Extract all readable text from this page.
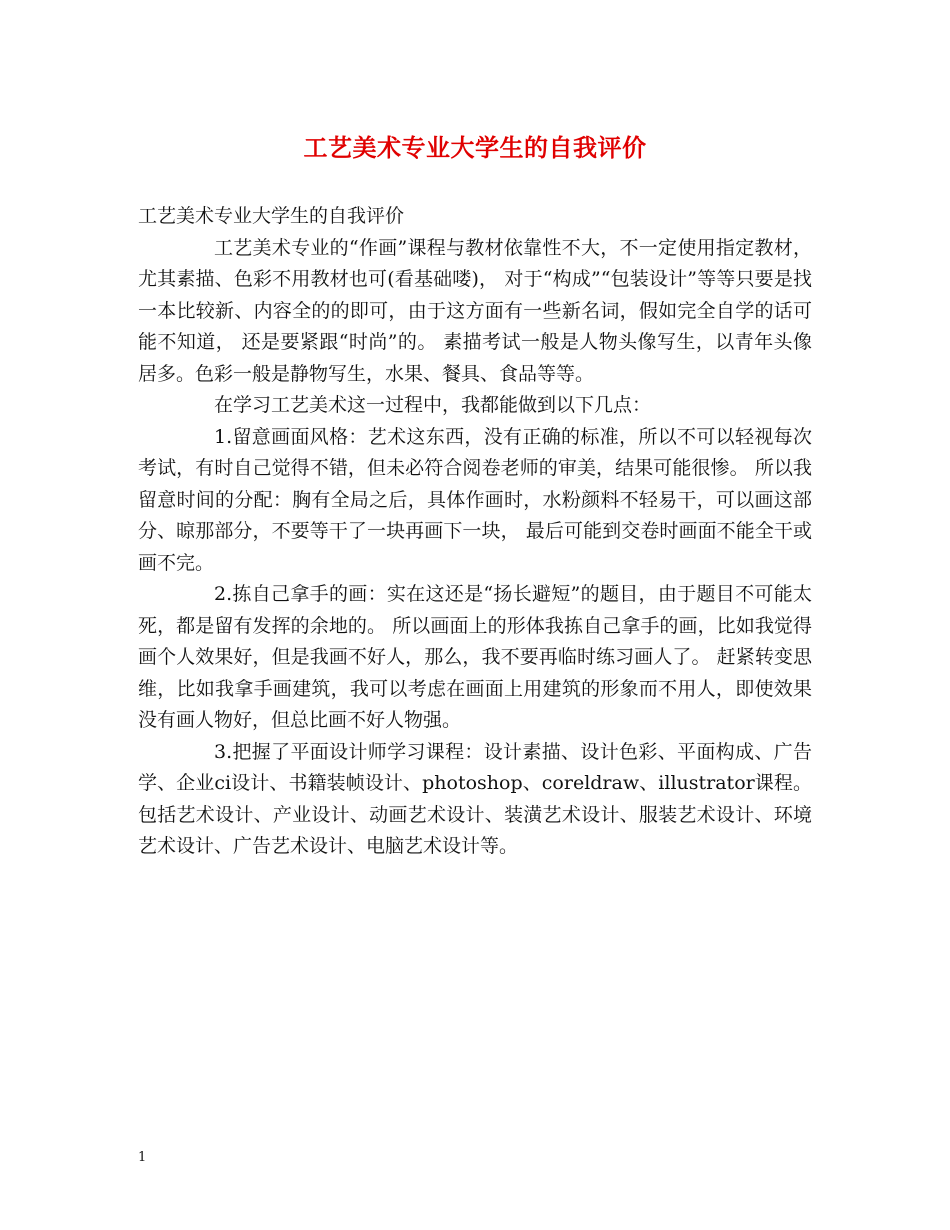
工艺美术专业大学生的自我评价

工艺美术专业大学生的自我评价

工艺美术专业的“作画”课程与教材依靠性不大，不一定使用指定教材，尤其素描、色彩不用教材也可(看基础喽)， 对于“构成”“包装设计”等等只要是找一本比较新、内容全的的即可，由于这方面有一些新名词，假如完全自学的话可能不知道， 还是要紧跟“时尚”的。 素描考试一般是人物头像写生，以青年头像居多。色彩一般是静物写生，水果、餐具、食品等等。

在学习工艺美术这一过程中，我都能做到以下几点：

1.留意画面风格：艺术这东西，没有正确的标准，所以不可以轻视每次考试，有时自己觉得不错，但未必符合阅卷老师的审美，结果可能很惨。 所以我留意时间的分配：胸有全局之后，具体作画时，水粉颜料不轻易干，可以画这部分、晾那部分，不要等干了一块再画下一块， 最后可能到交卷时画面不能全干或画不完。

2.拣自己拿手的画：实在这还是“扬长避短”的题目，由于题目不可能太死，都是留有发挥的余地的。 所以画面上的形体我拣自己拿手的画，比如我觉得画个人效果好，但是我画不好人，那么，我不要再临时练习画人了。 赶紧转变思维，比如我拿手画建筑，我可以考虑在画面上用建筑的形象而不用人，即使效果没有画人物好，但总比画不好人物强。

3.把握了平面设计师学习课程：设计素描、设计色彩、平面构成、广告学、企业ci设计、书籍装帧设计、photoshop、coreldraw、illustrator课程。 包括艺术设计、产业设计、动画艺术设计、装潢艺术设计、服装艺术设计、环境艺术设计、广告艺术设计、电脑艺术设计等。

1
